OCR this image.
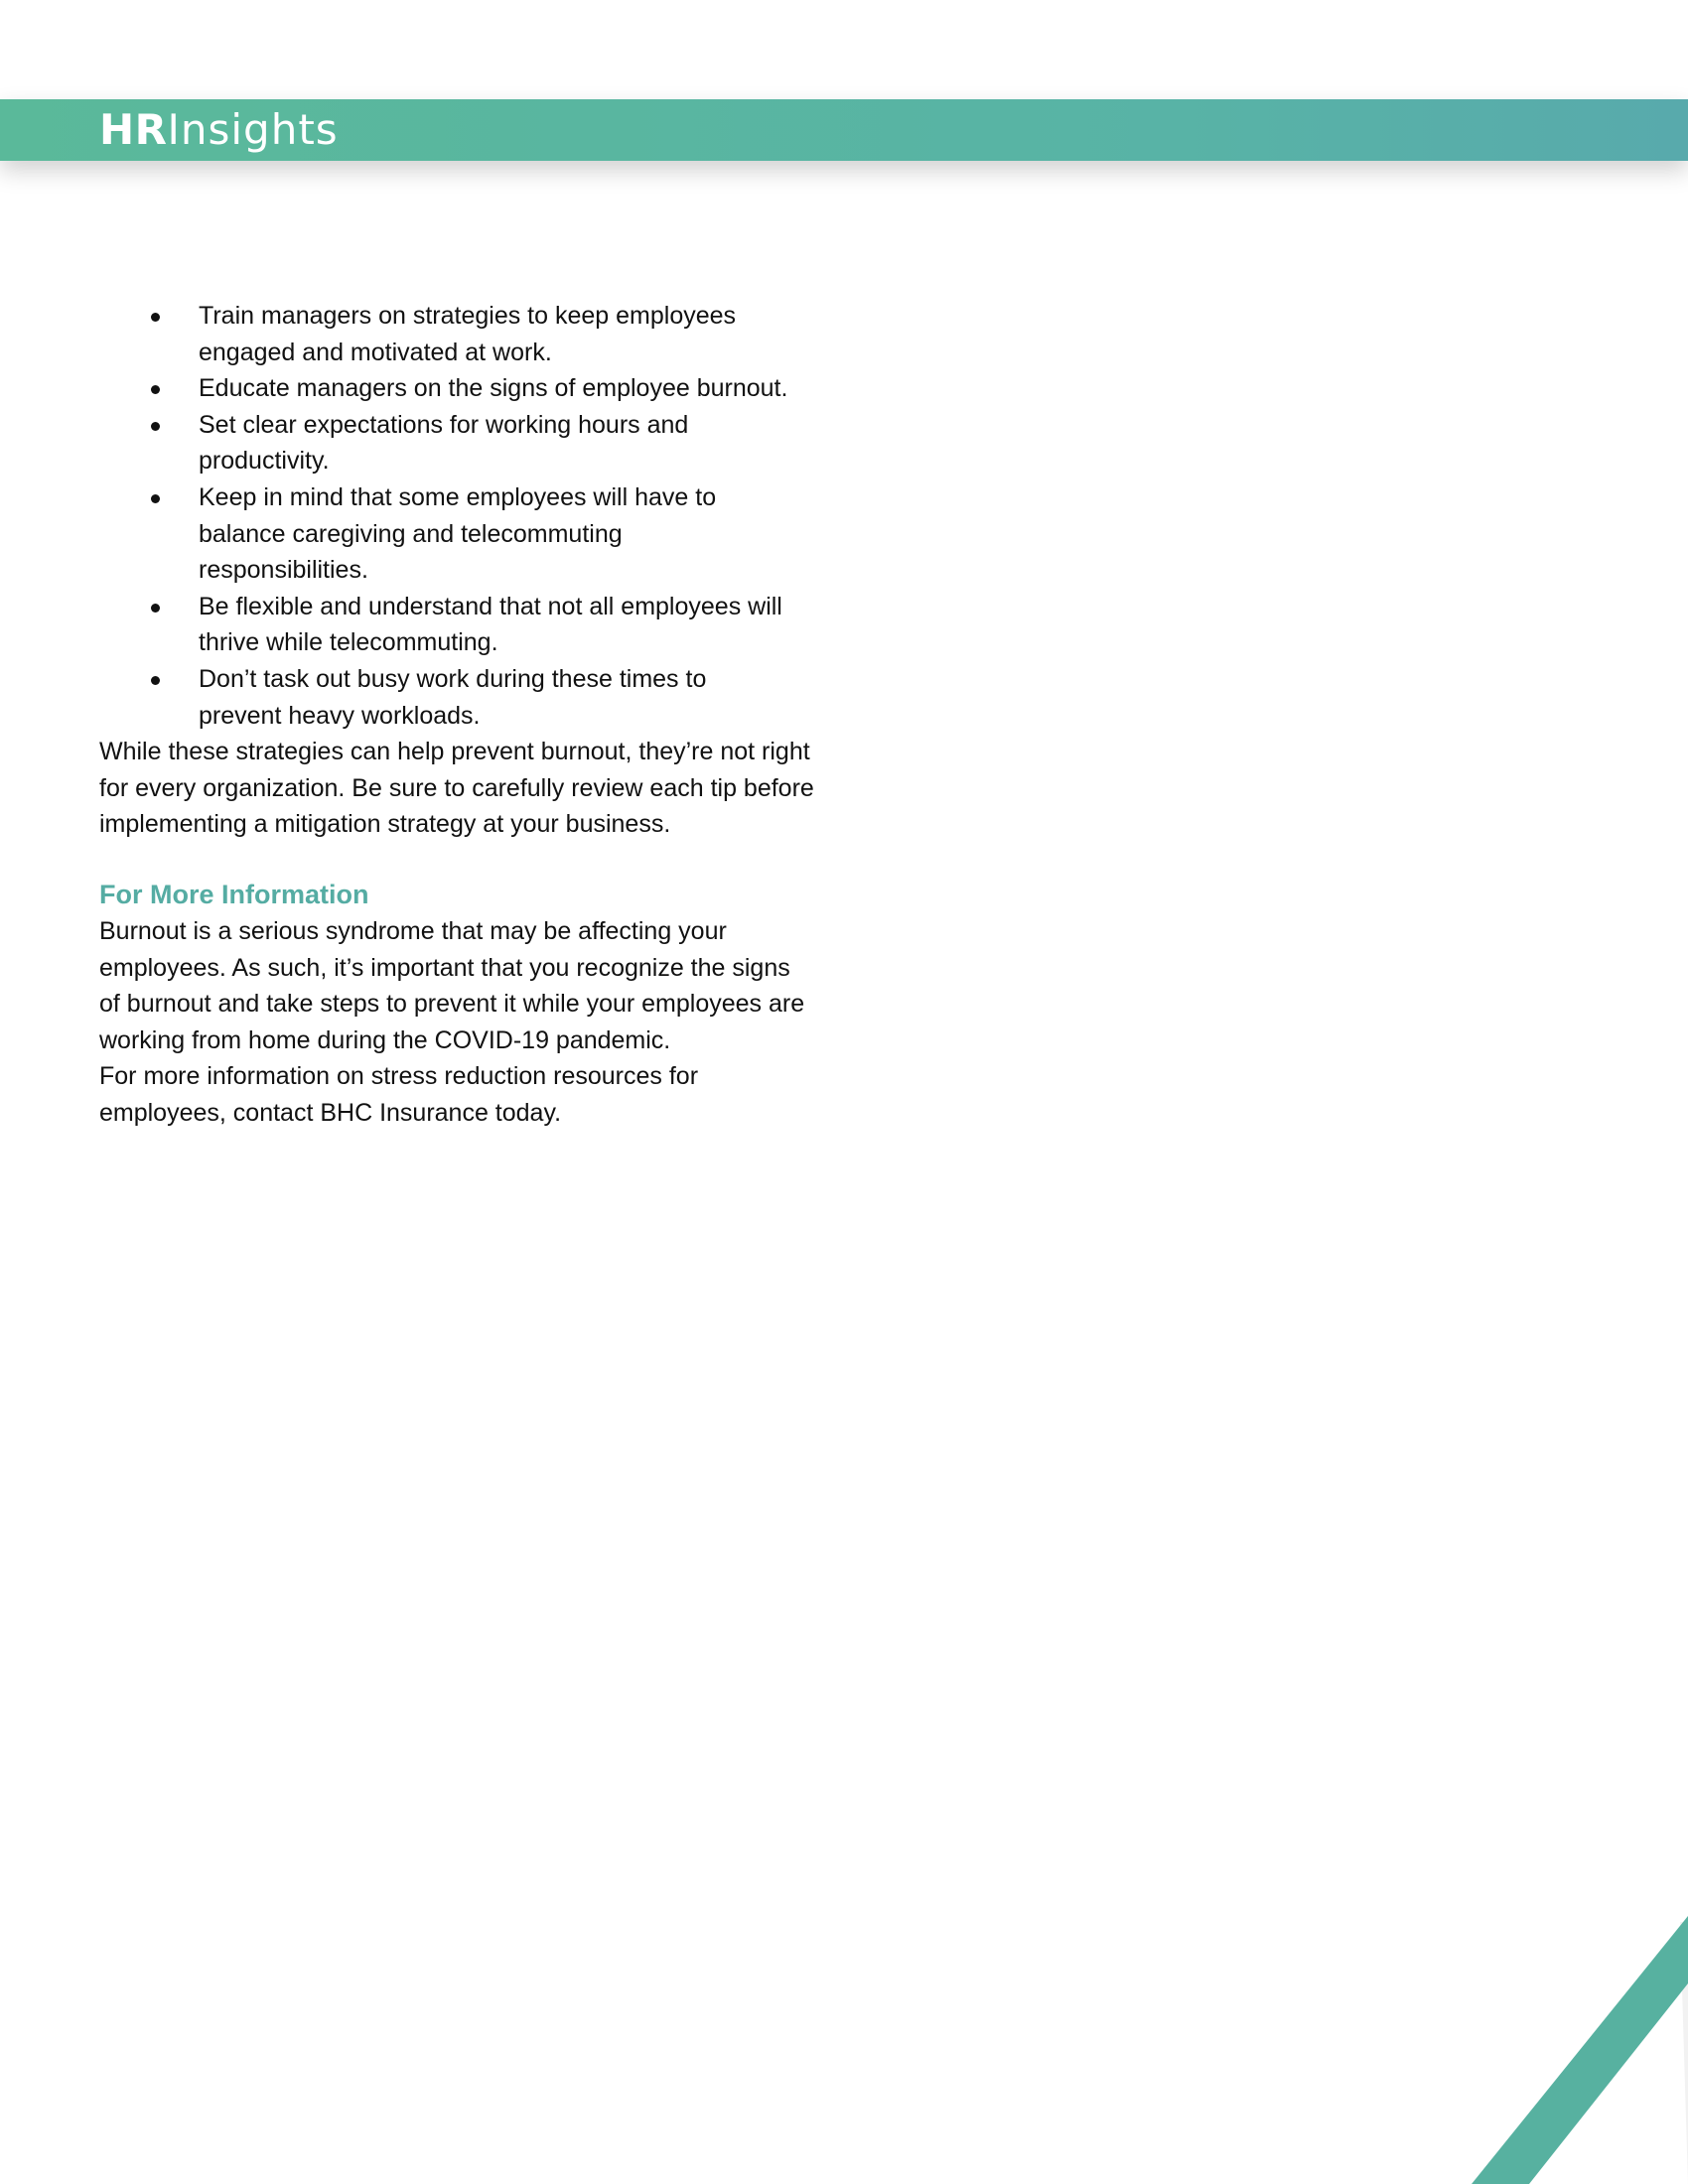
HRInsights
Train managers on strategies to keep employees engaged and motivated at work.
Educate managers on the signs of employee burnout.
Set clear expectations for working hours and productivity.
Keep in mind that some employees will have to balance caregiving and telecommuting responsibilities.
Be flexible and understand that not all employees will thrive while telecommuting.
Don’t task out busy work during these times to prevent heavy workloads.

While these strategies can help prevent burnout, they’re not right for every organization. Be sure to carefully review each tip before implementing a mitigation strategy at your business.

For More Information

Burnout is a serious syndrome that may be affecting your employees. As such, it’s important that you recognize the signs of burnout and take steps to prevent it while your employees are working from home during the COVID-19 pandemic.

For more information on stress reduction resources for employees, contact BHC Insurance today.
